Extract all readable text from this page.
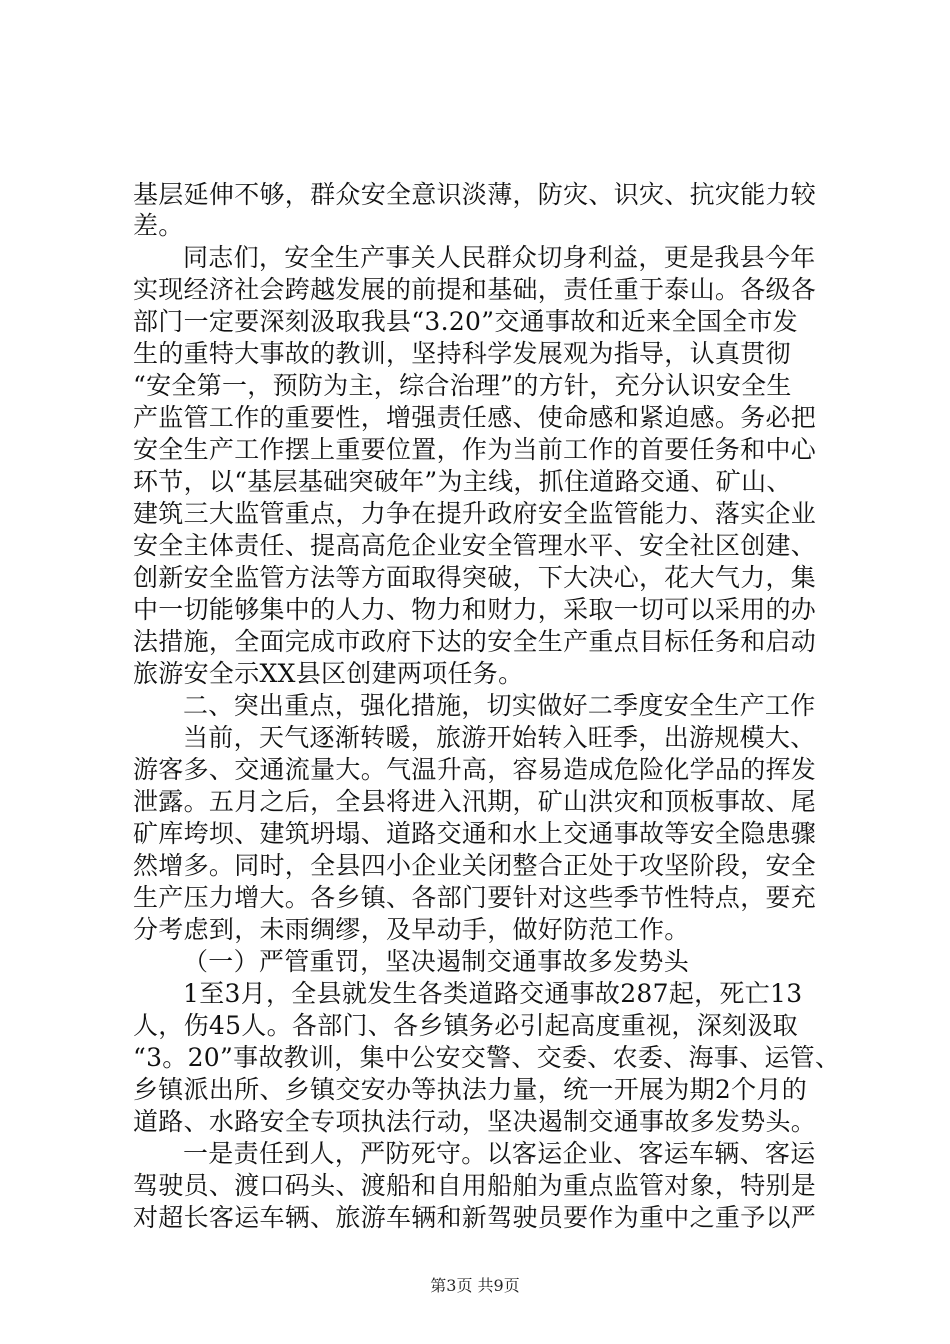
基层延伸不够，群众安全意识淡薄，防灾、识灾、抗灾能力较
差。
同志们，安全生产事关人民群众切身利益，更是我县今年
实现经济社会跨越发展的前提和基础，责任重于泰山。各级各
部门一定要深刻汲取我县“3.20”交通事故和近来全国全市发
生的重特大事故的教训，坚持科学发展观为指导，认真贯彻
“安全第一，预防为主，综合治理”的方针，充分认识安全生
产监管工作的重要性，增强责任感、使命感和紧迫感。务必把
安全生产工作摆上重要位置，作为当前工作的首要任务和中心
环节，以“基层基础突破年”为主线，抓住道路交通、矿山、
建筑三大监管重点，力争在提升政府安全监管能力、落实企业
安全主体责任、提高高危企业安全管理水平、安全社区创建、
创新安全监管方法等方面取得突破，下大决心，花大气力，集
中一切能够集中的人力、物力和财力，采取一切可以采用的办
法措施，全面完成市政府下达的安全生产重点目标任务和启动
旅游安全示XX县区创建两项任务。
二、突出重点，强化措施，切实做好二季度安全生产工作
当前，天气逐渐转暖，旅游开始转入旺季，出游规模大、
游客多、交通流量大。气温升高，容易造成危险化学品的挥发
泄露。五月之后，全县将进入汛期，矿山洪灾和顶板事故、尾
矿库垮坝、建筑坍塌、道路交通和水上交通事故等安全隐患骤
然增多。同时，全县四小企业关闭整合正处于攻坚阶段，安全
生产压力增大。各乡镇、各部门要针对这些季节性特点，要充
分考虑到，未雨绸缪，及早动手，做好防范工作。
（一）严管重罚，坚决遏制交通事故多发势头
1至3月，全县就发生各类道路交通事故287起，死亡13
人，伤45人。各部门、各乡镇务必引起高度重视，深刻汲取
“3。20”事故教训，集中公安交警、交委、农委、海事、运管、
乡镇派出所、乡镇交安办等执法力量，统一开展为期2个月的
道路、水路安全专项执法行动，坚决遏制交通事故多发势头。
一是责任到人，严防死守。以客运企业、客运车辆、客运
驾驶员、渡口码头、渡船和自用船舶为重点监管对象，特别是
对超长客运车辆、旅游车辆和新驾驶员要作为重中之重予以严
第3页 共9页
